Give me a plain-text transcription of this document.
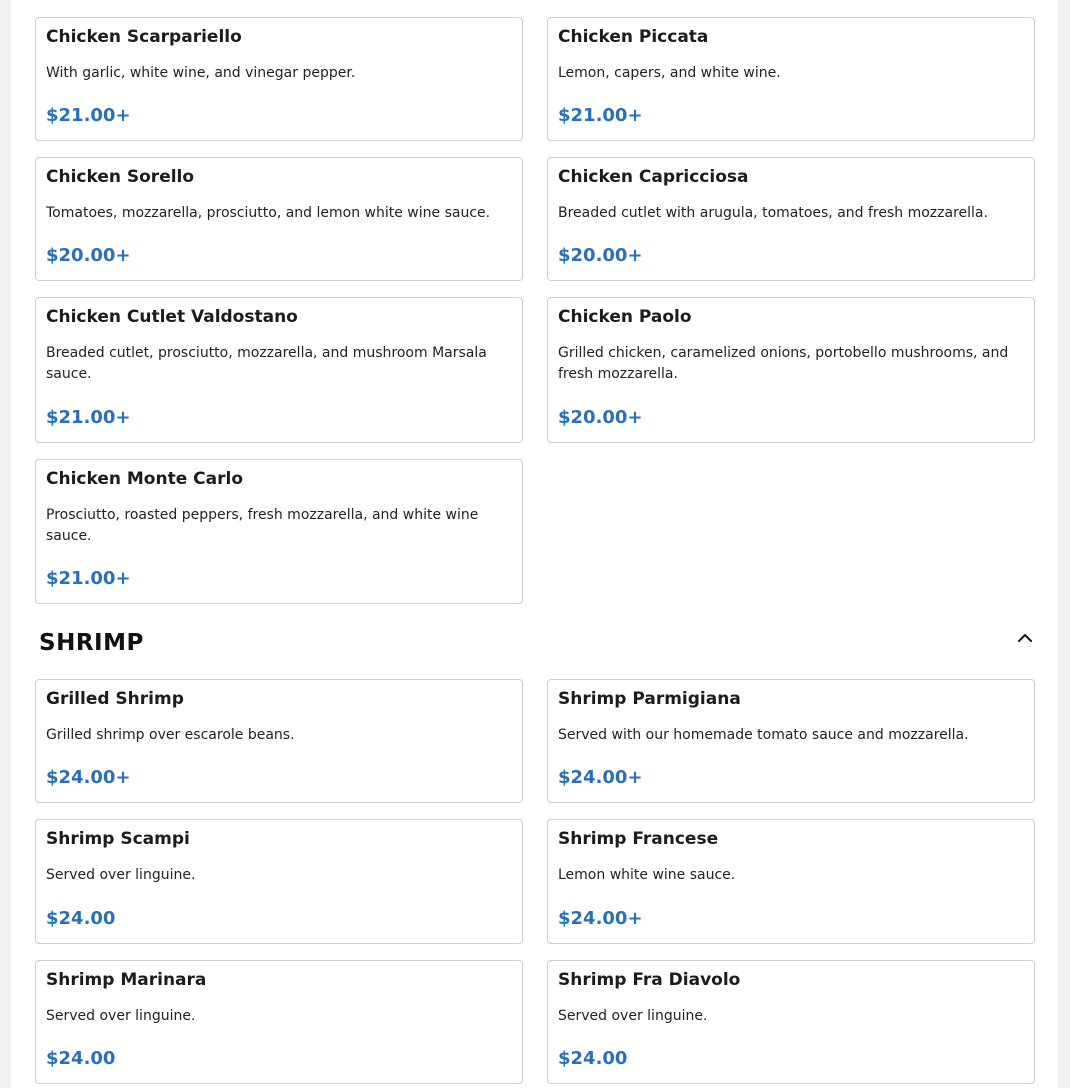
Chicken Scarpariello
With garlic, white wine, and vinegar pepper.
$21.00+
Chicken Piccata
Lemon, capers, and white wine.
$21.00+
Chicken Sorello
Tomatoes, mozzarella, prosciutto, and lemon white wine sauce.
$20.00+
Chicken Capricciosa
Breaded cutlet with arugula, tomatoes, and fresh mozzarella.
$20.00+
Chicken Cutlet Valdostano
Breaded cutlet, prosciutto, mozzarella, and mushroom Marsala sauce.
$21.00+
Chicken Paolo
Grilled chicken, caramelized onions, portobello mushrooms, and fresh mozzarella.
$20.00+
Chicken Monte Carlo
Prosciutto, roasted peppers, fresh mozzarella, and white wine sauce.
$21.00+
SHRIMP
Grilled Shrimp
Grilled shrimp over escarole beans.
$24.00+
Shrimp Parmigiana
Served with our homemade tomato sauce and mozzarella.
$24.00+
Shrimp Scampi
Served over linguine.
$24.00
Shrimp Francese
Lemon white wine sauce.
$24.00+
Shrimp Marinara
Served over linguine.
$24.00
Shrimp Fra Diavolo
Served over linguine.
$24.00
